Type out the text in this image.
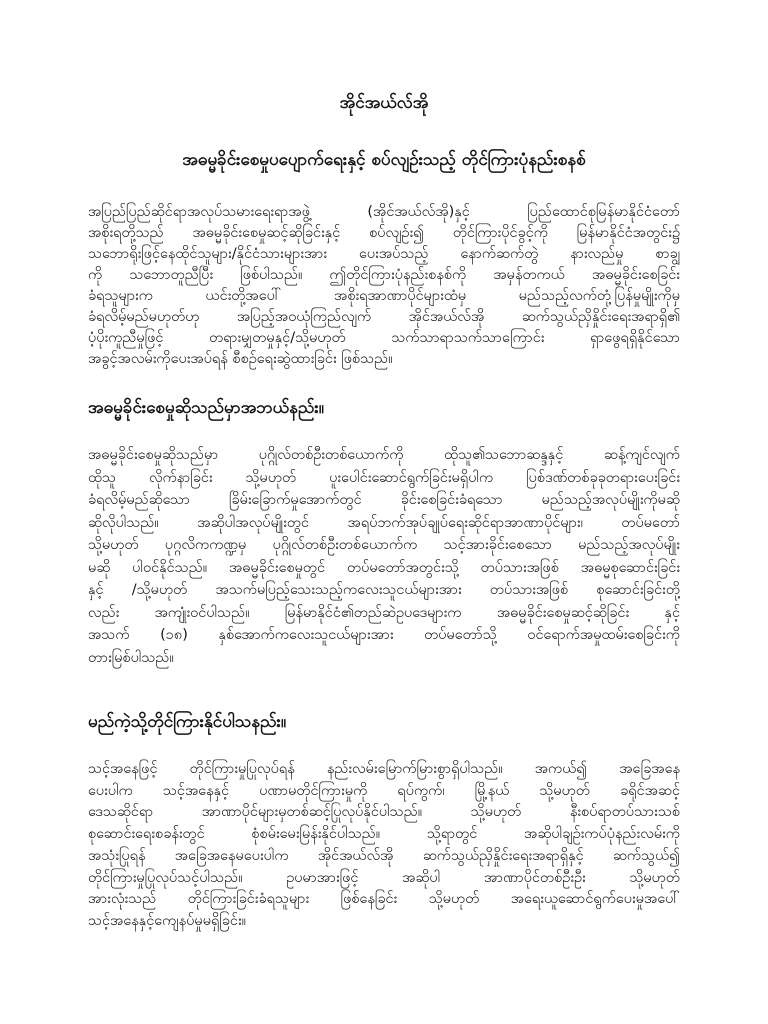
အိုင်အယ်လ်အို
အဓမ္မခိုင်းစေမှုပပျောက်ရေးနှင့် စပ်လျဉ်းသည့် တိုင်ကြားပုံနည်းစနစ်
အပြည်ပြည်ဆိုင်ရာအလုပ်သမားရေးရာအဖွဲ့ (အိုင်အယ်လ်အို)နှင့် ပြည်ထောင်စုမြန်မာနိုင်ငံတော်
အစိုးရတို့သည် အဓမ္မခိုင်းစေမှုဆင့်ဆိုခြင်းနှင့် စပ်လျဉ်း၍ တိုင်ကြားပိုင်ခွင့်ကို မြန်မာနိုင်ငံအတွင်း၌
သဘောရိုးဖြင့်နေထိုင်သူများ/နိုင်ငံသားများအား ပေးအပ်သည့် နောက်ဆက်တွဲ နားလည်မှု စာချွ
ကို သဘောတူညီပြီး ဖြစ်ပါသည်။ ဤတိုင်ကြားပုံနည်းစနစ်ကို အမှန်တကယ် အဓမ္မခိုင်းစေခြင်း
ခံရသူများက ယင်းတို့အပေါ် အစိုးရအာဏာပိုင်များထံမှ မည်သည့်လက်တုံ့ပြန်မှုမျိုးကိုမှ
ခံရလိမ့်မည်မဟုတ်ဟု အပြည့်အဝယုံကြည်လျက် အိုင်အယ်လ်အို ဆက်သွယ်ညှိနှိုင်းရေးအရာရှိ၏
ပံ့ပိုးကူညီမှုဖြင့် တရားမျှတမှုနှင့်/သို့မဟုတ် သက်သာရာသက်သာကြောင်း ရှာဖွေရရှိနိုင်သော
အခွင့်အလမ်းကိုပေးအပ်ရန် စီစဉ်ရေးဆွဲထားခြင်း ဖြစ်သည်။
အဓမ္မခိုင်းစေမှုဆိုသည်မှာအဘယ်နည်း။
အဓမ္မခိုင်းစေမှုဆိုသည်မှာ ပုဂ္ဂိုလ်တစ်ဦးတစ်ယောက်ကို ထိုသူ၏သဘောဆန္ဒနှင့် ဆန့်ကျင်လျက်
ထိုသူ လိုက်နာခြင်း သို့မဟုတ် ပူးပေါင်းဆောင်ရွက်ခြင်းမရှိပါက ပြစ်ဒဏ်တစ်ခုခုတရားပေးခြင်း
ခံရလိမ့်မည်ဆိုသော ခြိမ်းခြောက်မှုအောက်တွင် ခိုင်းစေခြင်းခံရသော မည်သည့်အလုပ်မျိုးကိုမဆို
ဆိုလိုပါသည်။ အဆိုပါအလုပ်မျိုးတွင် အရပ်ဘက်အုပ်ချုပ်ရေးဆိုင်ရာအာဏာပိုင်များ၊ တပ်မတော်
သို့မဟုတ် ပုဂ္ဂလိကကဏ္ဍမှ ပုဂ္ဂိုလ်တစ်ဦးတစ်ယောက်က သင့်အားခိုင်းစေသော မည်သည့်အလုပ်မျိုး
မဆို ပါဝင်နိုင်သည်။ အဓမ္မခိုင်းစေမှုတွင် တပ်မတော်အတွင်းသို့ တပ်သားအဖြစ် အဓမ္မစုဆောင်းခြင်း
နှင့် /သို့မဟုတ် အသက်မပြည့်သေးသည့်ကလေးသူငယ်များအား တပ်သားအဖြစ် စုဆောင်းခြင်းတို့
လည်း အကျုံးဝင်ပါသည်။ မြန်မာနိုင်ငံ၏တည်ဆဲဥပဒေများက အဓမ္မခိုင်းစေမှုဆင့်ဆိုခြင်း နှင့်
အသက် (၁၈) နှစ်အောက်ကလေးသူငယ်များအား တပ်မတော်သို့ ဝင်ရောက်အမှုထမ်းစေခြင်းကို
တားမြစ်ပါသည်။
မည်ကဲ့သို့တိုင်ကြားနိုင်ပါသနည်း။
သင့်အနေဖြင့် တိုင်ကြားမှုပြုလုပ်ရန် နည်းလမ်းမြောက်မြားစွာရှိပါသည်။ အကယ်၍ အခြေအနေ
ပေးပါက သင့်အနေနှင့် ပဏာမတိုင်ကြားမှုကို ရပ်ကွက်၊ မြို့နယ် သို့မဟုတ် ခရိုင်အဆင့်
ဒေသဆိုင်ရာ အာဏာပိုင်များမှတစ်ဆင့်ပြုလုပ်နိုင်ပါသည်။ သို့မဟုတ် နီးစပ်ရာတပ်သားသစ်
စုဆောင်းရေးစခန်းတွင် စုံစမ်းမေးမြန်းနိုင်ပါသည်။ သို့ရာတွင် အဆိုပါချဉ်းကပ်ပုံနည်းလမ်းကို
အသုံးပြုရန် အခြေအနေမပေးပါက အိုင်အယ်လ်အို ဆက်သွယ်ညှိနှိုင်းရေးအရာရှိနှင့် ဆက်သွယ်၍
တိုင်ကြားမှုပြုလုပ်သင့်ပါသည်။ ဥပမာအားဖြင့် အဆိုပါ အာဏာပိုင်တစ်ဦးဦး သို့မဟုတ်
အားလုံးသည် တိုင်ကြားခြင်းခံရသူများ ဖြစ်နေခြင်း သို့မဟုတ် အရေးယူဆောင်ရွက်ပေးမှုအပေါ်
သင့်အနေနှင့်ကျေနပ်မှုမရှိခြင်း။
